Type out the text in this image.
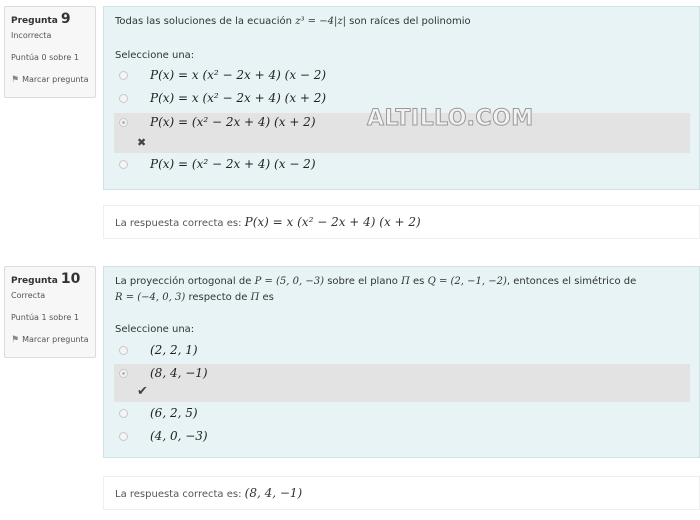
Pregunta 9
Incorrecta
Puntúa 0 sobre 1
⚑ Marcar pregunta
Todas las soluciones de la ecuación z³ = −4|z| son raíces del polinomio
Seleccione una:
P(x) = x (x² − 2x + 4) (x − 2)
P(x) = x (x² − 2x + 4) (x + 2)
P(x) = (x² − 2x + 4) (x + 2)
✖
P(x) = (x² − 2x + 4) (x − 2)
La respuesta correcta es: P(x) = x (x² − 2x + 4) (x + 2)
Pregunta 10
Correcta
Puntúa 1 sobre 1
⚑ Marcar pregunta
La proyección ortogonal de P = (5, 0, −3) sobre el plano Π es Q = (2, −1, −2), entonces el simétrico de
R = (−4, 0, 3) respecto de Π es
Seleccione una:
(2, 2, 1)
(8, 4, −1)
✔
(6, 2, 5)
(4, 0, −3)
La respuesta correcta es: (8, 4, −1)
ALTILLO.COM
